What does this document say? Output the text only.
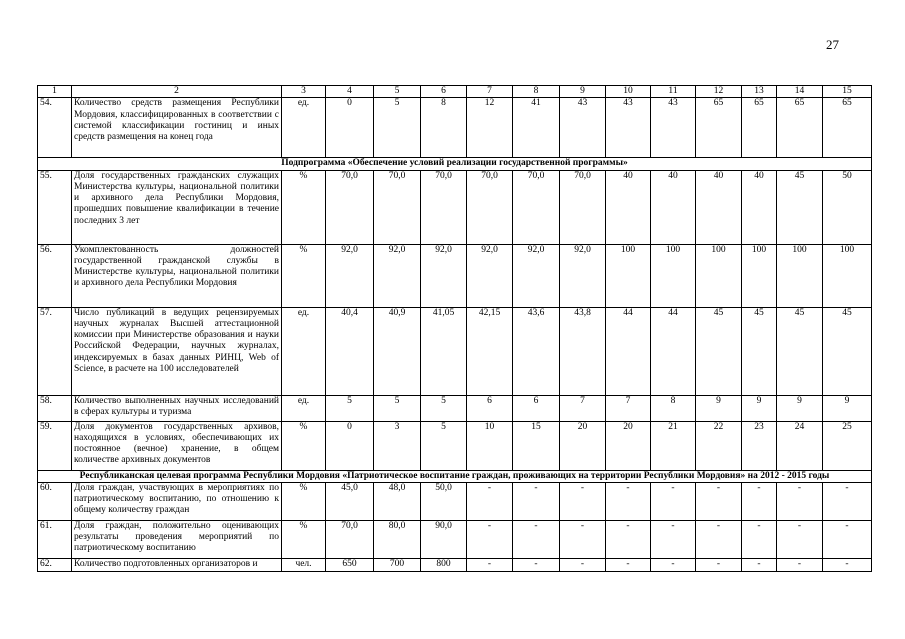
27
1	2	3	4	5	6	7	8	9	10	11	12	13	14	15
54.	Количество средств размещения Республики Мордовия, классифицированных в соответствии с системой классификации гостиниц и иных средств размещения на конец года	ед.	0	5	8	12	41	43	43	43	65	65	65	65
Подпрограмма «Обеспечение условий реализации государственной программы»														
55.	Доля государственных гражданских служащих Министерства культуры, национальной политики и архивного дела Республики Мордовия, прошедших повышение квалификации в течение последних 3 лет	%	70,0	70,0	70,0	70,0	70,0	70,0	40	40	40	40	45	50
56.	Укомплектованность должностей государственной гражданской службы в Министерстве культуры, национальной политики и архивного дела Республики Мордовия	%	92,0	92,0	92,0	92,0	92,0	92,0	100	100	100	100	100	100
57.	Число публикаций в ведущих рецензируемых научных журналах Высшей аттестационной комиссии при Министерстве образования и науки Российской Федерации, научных журналах, индексируемых в базах данных РИНЦ, Web of Science, в расчете на 100 исследователей	ед.	40,4	40,9	41,05	42,15	43,6	43,8	44	44	45	45	45	45
58.	Количество выполненных научных исследований в сферах культуры и туризма	ед.	5	5	5	6	6	7	7	8	9	9	9	9
59.	Доля документов государственных архивов, находящихся в условиях, обеспечивающих их постоянное (вечное) хранение, в общем количестве архивных документов	%	0	3	5	10	15	20	20	21	22	23	24	25
Республиканская целевая программа Республики Мордовия «Патриотическое воспитание граждан, проживающих на территории Республики Мордовия» на 2012 - 2015 годы														
60.	Доля граждан, участвующих в мероприятиях по патриотическому воспитанию, по отношению к общему количеству граждан	%	45,0	48,0	50,0	-	-	-	-	-	-	-	-	-
61.	Доля граждан, положительно оценивающих результаты проведения мероприятий по патриотическому воспитанию	%	70,0	80,0	90,0	-	-	-	-	-	-	-	-	-
62.	Количество подготовленных организаторов и	чел.	650	700	800	-	-	-	-	-	-	-	-	-
